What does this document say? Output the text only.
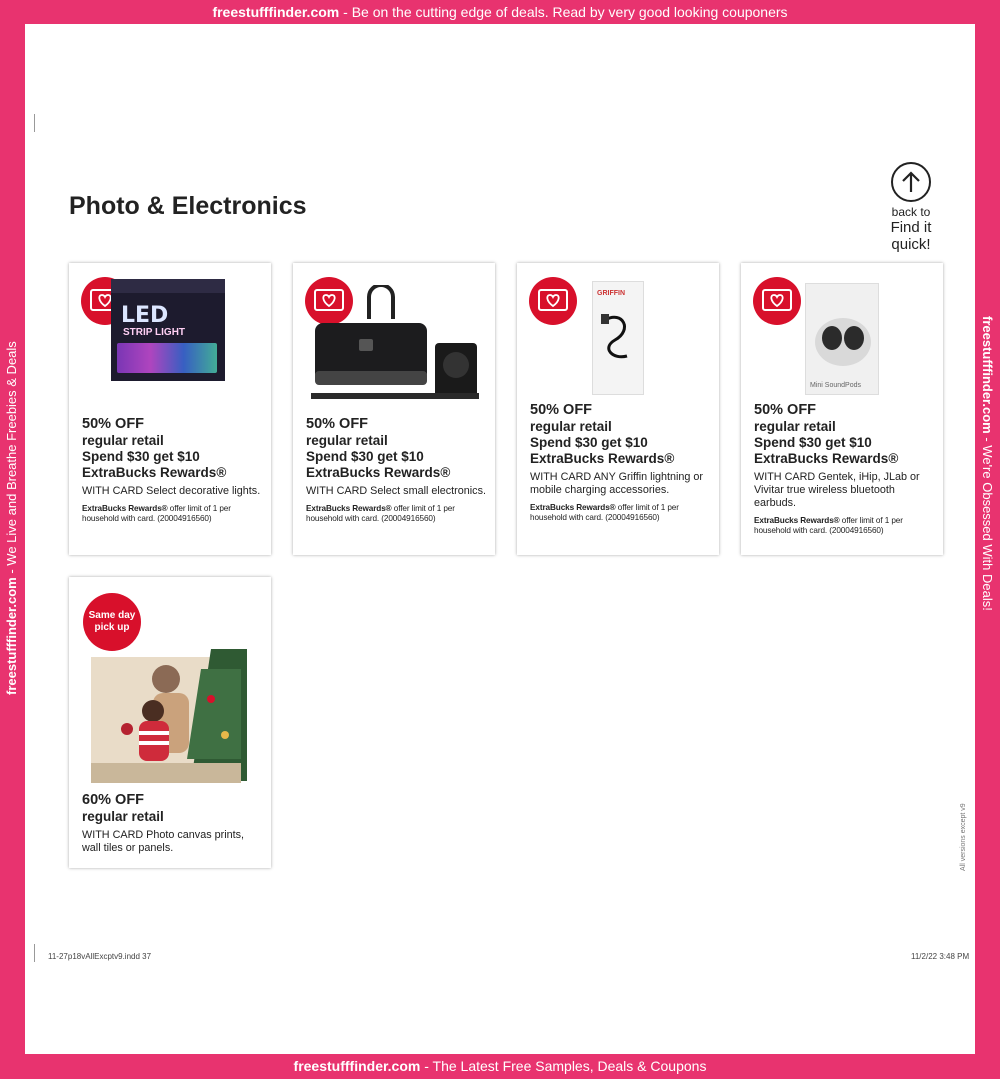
freestufffinder.com - Be on the cutting edge of deals. Read by very good looking couponers
freestufffinder.com - The Latest Free Samples, Deals & Coupons
freestufffinder.com - We Live and Breathe Freebies & Deals	freestufffinder.com - We're Obsessed With Deals!
Photo & Electronics	back to
Find it
quick!
LED
STRIP LIGHT
50% OFF
regular retail
Spend $30 get $10
ExtraBucks Rewards®
WITH CARD Select decorative lights.
ExtraBucks Rewards® offer limit of 1 per household with card. (20004916560)
50% OFF
regular retail
Spend $30 get $10
ExtraBucks Rewards®
WITH CARD Select small electronics.
ExtraBucks Rewards® offer limit of 1 per household with card. (20004916560)
GRIFFIN
50% OFF
regular retail
Spend $30 get $10
ExtraBucks Rewards®
WITH CARD ANY Griffin lightning or mobile charging accessories.
ExtraBucks Rewards® offer limit of 1 per household with card. (20004916560)
Mini SoundPods
50% OFF
regular retail
Spend $30 get $10
ExtraBucks Rewards®
WITH CARD Gentek, iHip, JLab or Vivitar true wireless bluetooth earbuds.
ExtraBucks Rewards® offer limit of 1 per household with card. (20004916560)
Same day pick up
60% OFF
regular retail
WITH CARD Photo canvas prints, wall tiles or panels.	All versions except v9
11-27p18vAllExcptv9.indd 37	11/2/22 3:48 PM
